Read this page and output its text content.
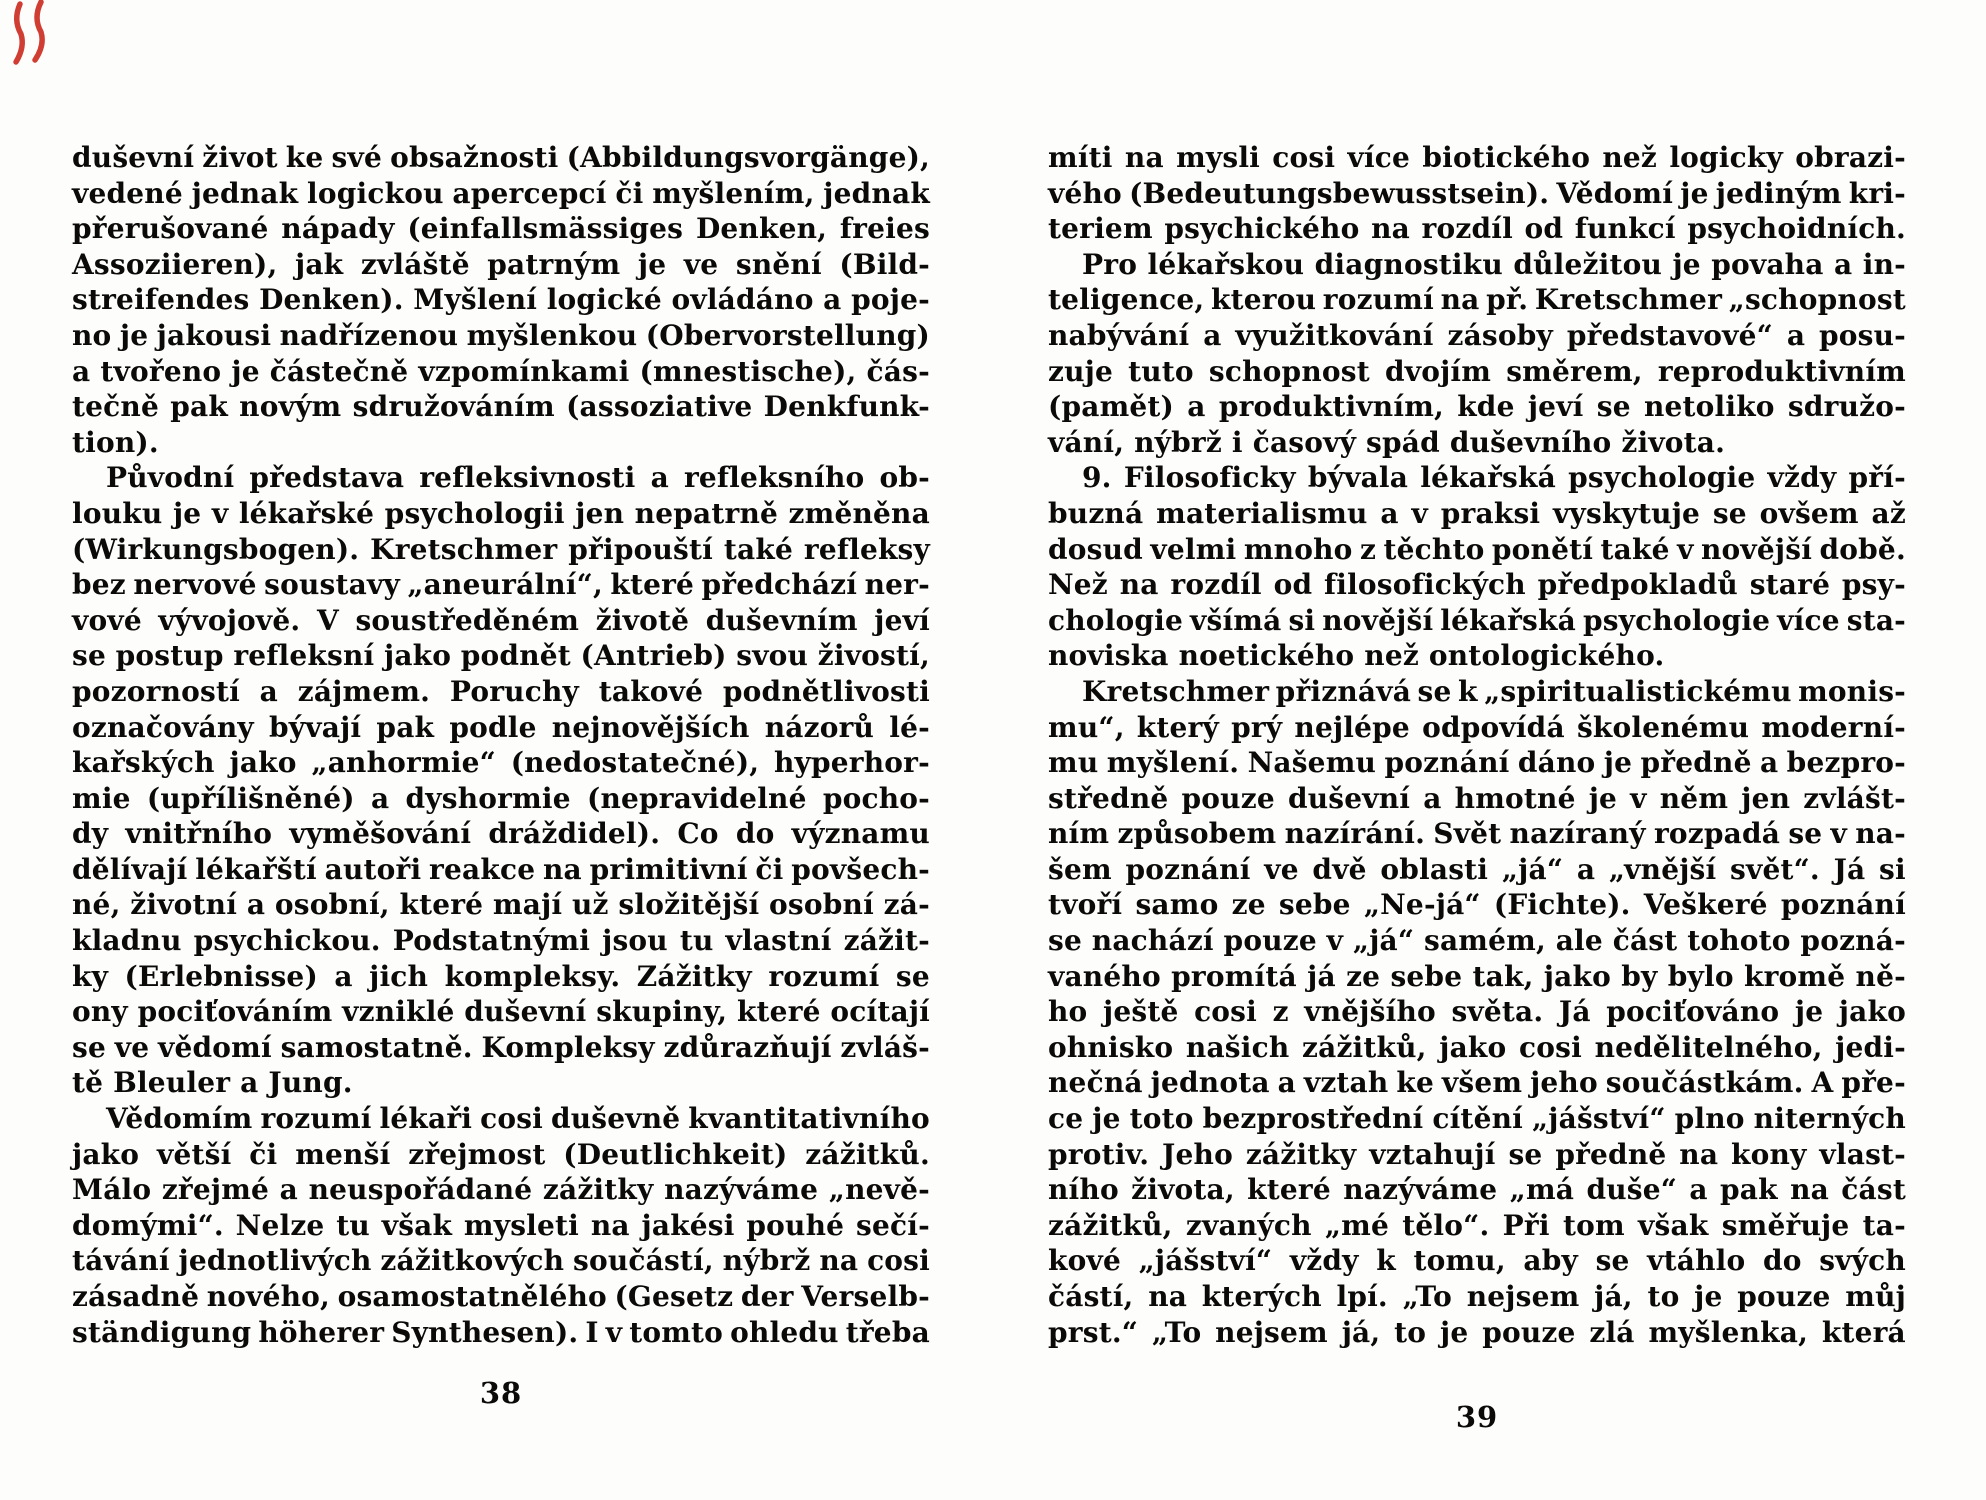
duševní život ke své obsažnosti (Abbildungsvorgänge),
vedené jednak logickou apercepcí či myšlením, jednak
přerušované nápady (einfallsmässiges Denken, freies
Assoziieren), jak zvláště patrným je ve snění (Bild-
streifendes Denken). Myšlení logické ovládáno a poje-
no je jakousi nadřízenou myšlenkou (Obervorstellung)
a tvořeno je částečně vzpomínkami (mnestische), čás-
tečně pak novým sdružováním (assoziative Denkfunk-
tion).
Původní představa refleksivnosti a refleksního ob-
louku je v lékařské psychologii jen nepatrně změněna
(Wirkungsbogen). Kretschmer připouští také refleksy
bez nervové soustavy „aneurální“, které předchází ner-
vové vývojově. V soustředěném životě duševním jeví
se postup refleksní jako podnět (Antrieb) svou živostí,
pozorností a zájmem. Poruchy takové podnětlivosti
označovány bývají pak podle nejnovějších názorů lé-
kařských jako „anhormie“ (nedostatečné), hyperhor-
mie (upřílišněné) a dyshormie (nepravidelné pocho-
dy vnitřního vyměšování dráždidel). Co do významu
dělívají lékařští autoři reakce na primitivní či povšech-
né, životní a osobní, které mají už složitější osobní zá-
kladnu psychickou. Podstatnými jsou tu vlastní zážit-
ky (Erlebnisse) a jich kompleksy. Zážitky rozumí se
ony pociťováním vzniklé duševní skupiny, které ocítají
se ve vědomí samostatně. Kompleksy zdůrazňují zvláš-
tě Bleuler a Jung.
Vědomím rozumí lékaři cosi duševně kvantitativního
jako větší či menší zřejmost (Deutlichkeit) zážitků.
Málo zřejmé a neuspořádané zážitky nazýváme „nevě-
domými“. Nelze tu však mysleti na jakési pouhé sečí-
távání jednotlivých zážitkových součástí, nýbrž na cosi
zásadně nového, osamostatnělého (Gesetz der Verselb-
ständigung höherer Synthesen). I v tomto ohledu třeba
míti na mysli cosi více biotického než logicky obrazi-
vého (Bedeutungsbewusstsein). Vědomí je jediným kri-
teriem psychického na rozdíl od funkcí psychoidních.
Pro lékařskou diagnostiku důležitou je povaha a in-
teligence, kterou rozumí na př. Kretschmer „schopnost
nabývání a využitkování zásoby představové“ a posu-
zuje tuto schopnost dvojím směrem, reproduktivním
(pamět) a produktivním, kde jeví se netoliko sdružo-
vání, nýbrž i časový spád duševního života.
9. Filosoficky bývala lékařská psychologie vždy pří-
buzná materialismu a v praksi vyskytuje se ovšem až
dosud velmi mnoho z těchto ponětí také v novější době.
Než na rozdíl od filosofických předpokladů staré psy-
chologie všímá si novější lékařská psychologie více sta-
noviska noetického než ontologického.
Kretschmer přiznává se k „spiritualistickému monis-
mu“, který prý nejlépe odpovídá školenému moderní-
mu myšlení. Našemu poznání dáno je předně a bezpro-
středně pouze duševní a hmotné je v něm jen zvlášt-
ním způsobem nazírání. Svět nazíraný rozpadá se v na-
šem poznání ve dvě oblasti „já“ a „vnější svět“. Já si
tvoří samo ze sebe „Ne-já“ (Fichte). Veškeré poznání
se nachází pouze v „já“ samém, ale část tohoto pozná-
vaného promítá já ze sebe tak, jako by bylo kromě ně-
ho ještě cosi z vnějšího světa. Já pociťováno je jako
ohnisko našich zážitků, jako cosi nedělitelného, jedi-
nečná jednota a vztah ke všem jeho součástkám. A pře-
ce je toto bezprostřední cítění „jášství“ plno niterných
protiv. Jeho zážitky vztahují se předně na kony vlast-
ního života, které nazýváme „má duše“ a pak na část
zážitků, zvaných „mé tělo“. Při tom však směřuje ta-
kové „jášství“ vždy k tomu, aby se vtáhlo do svých
částí, na kterých lpí. „To nejsem já, to je pouze můj
prst.“ „To nejsem já, to je pouze zlá myšlenka, která
38
39
